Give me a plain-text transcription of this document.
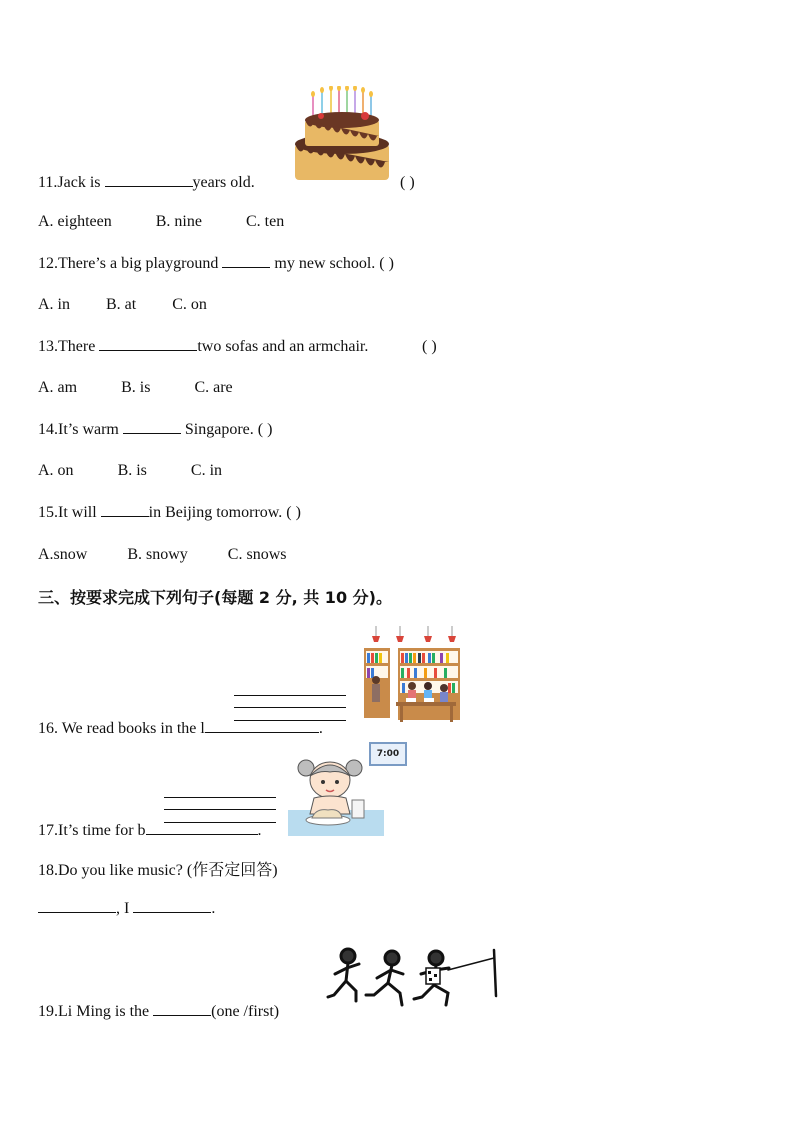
11.Jack is	years old.	( )
A. eighteen	B. nine	C. ten
12.There’s a big playground	my new school. ( )
A. in B. at C. on
13.There	two sofas and an armchair.	( )
A. am	B. is	C. are
14.It’s warm	Singapore. ( )
A. on	B. is	C. in
15.It will	in Beijing tomorrow. ( )
A.snow	B. snowy	C. snows
三、按要求完成下列句子(每题 2 分, 共 10 分)。
16. We read books in the l	.
7:00
17.It’s time for b	.
18.Do you like music? (作否定回答)
, I	.
19.Li Ming is the	(one /first)
